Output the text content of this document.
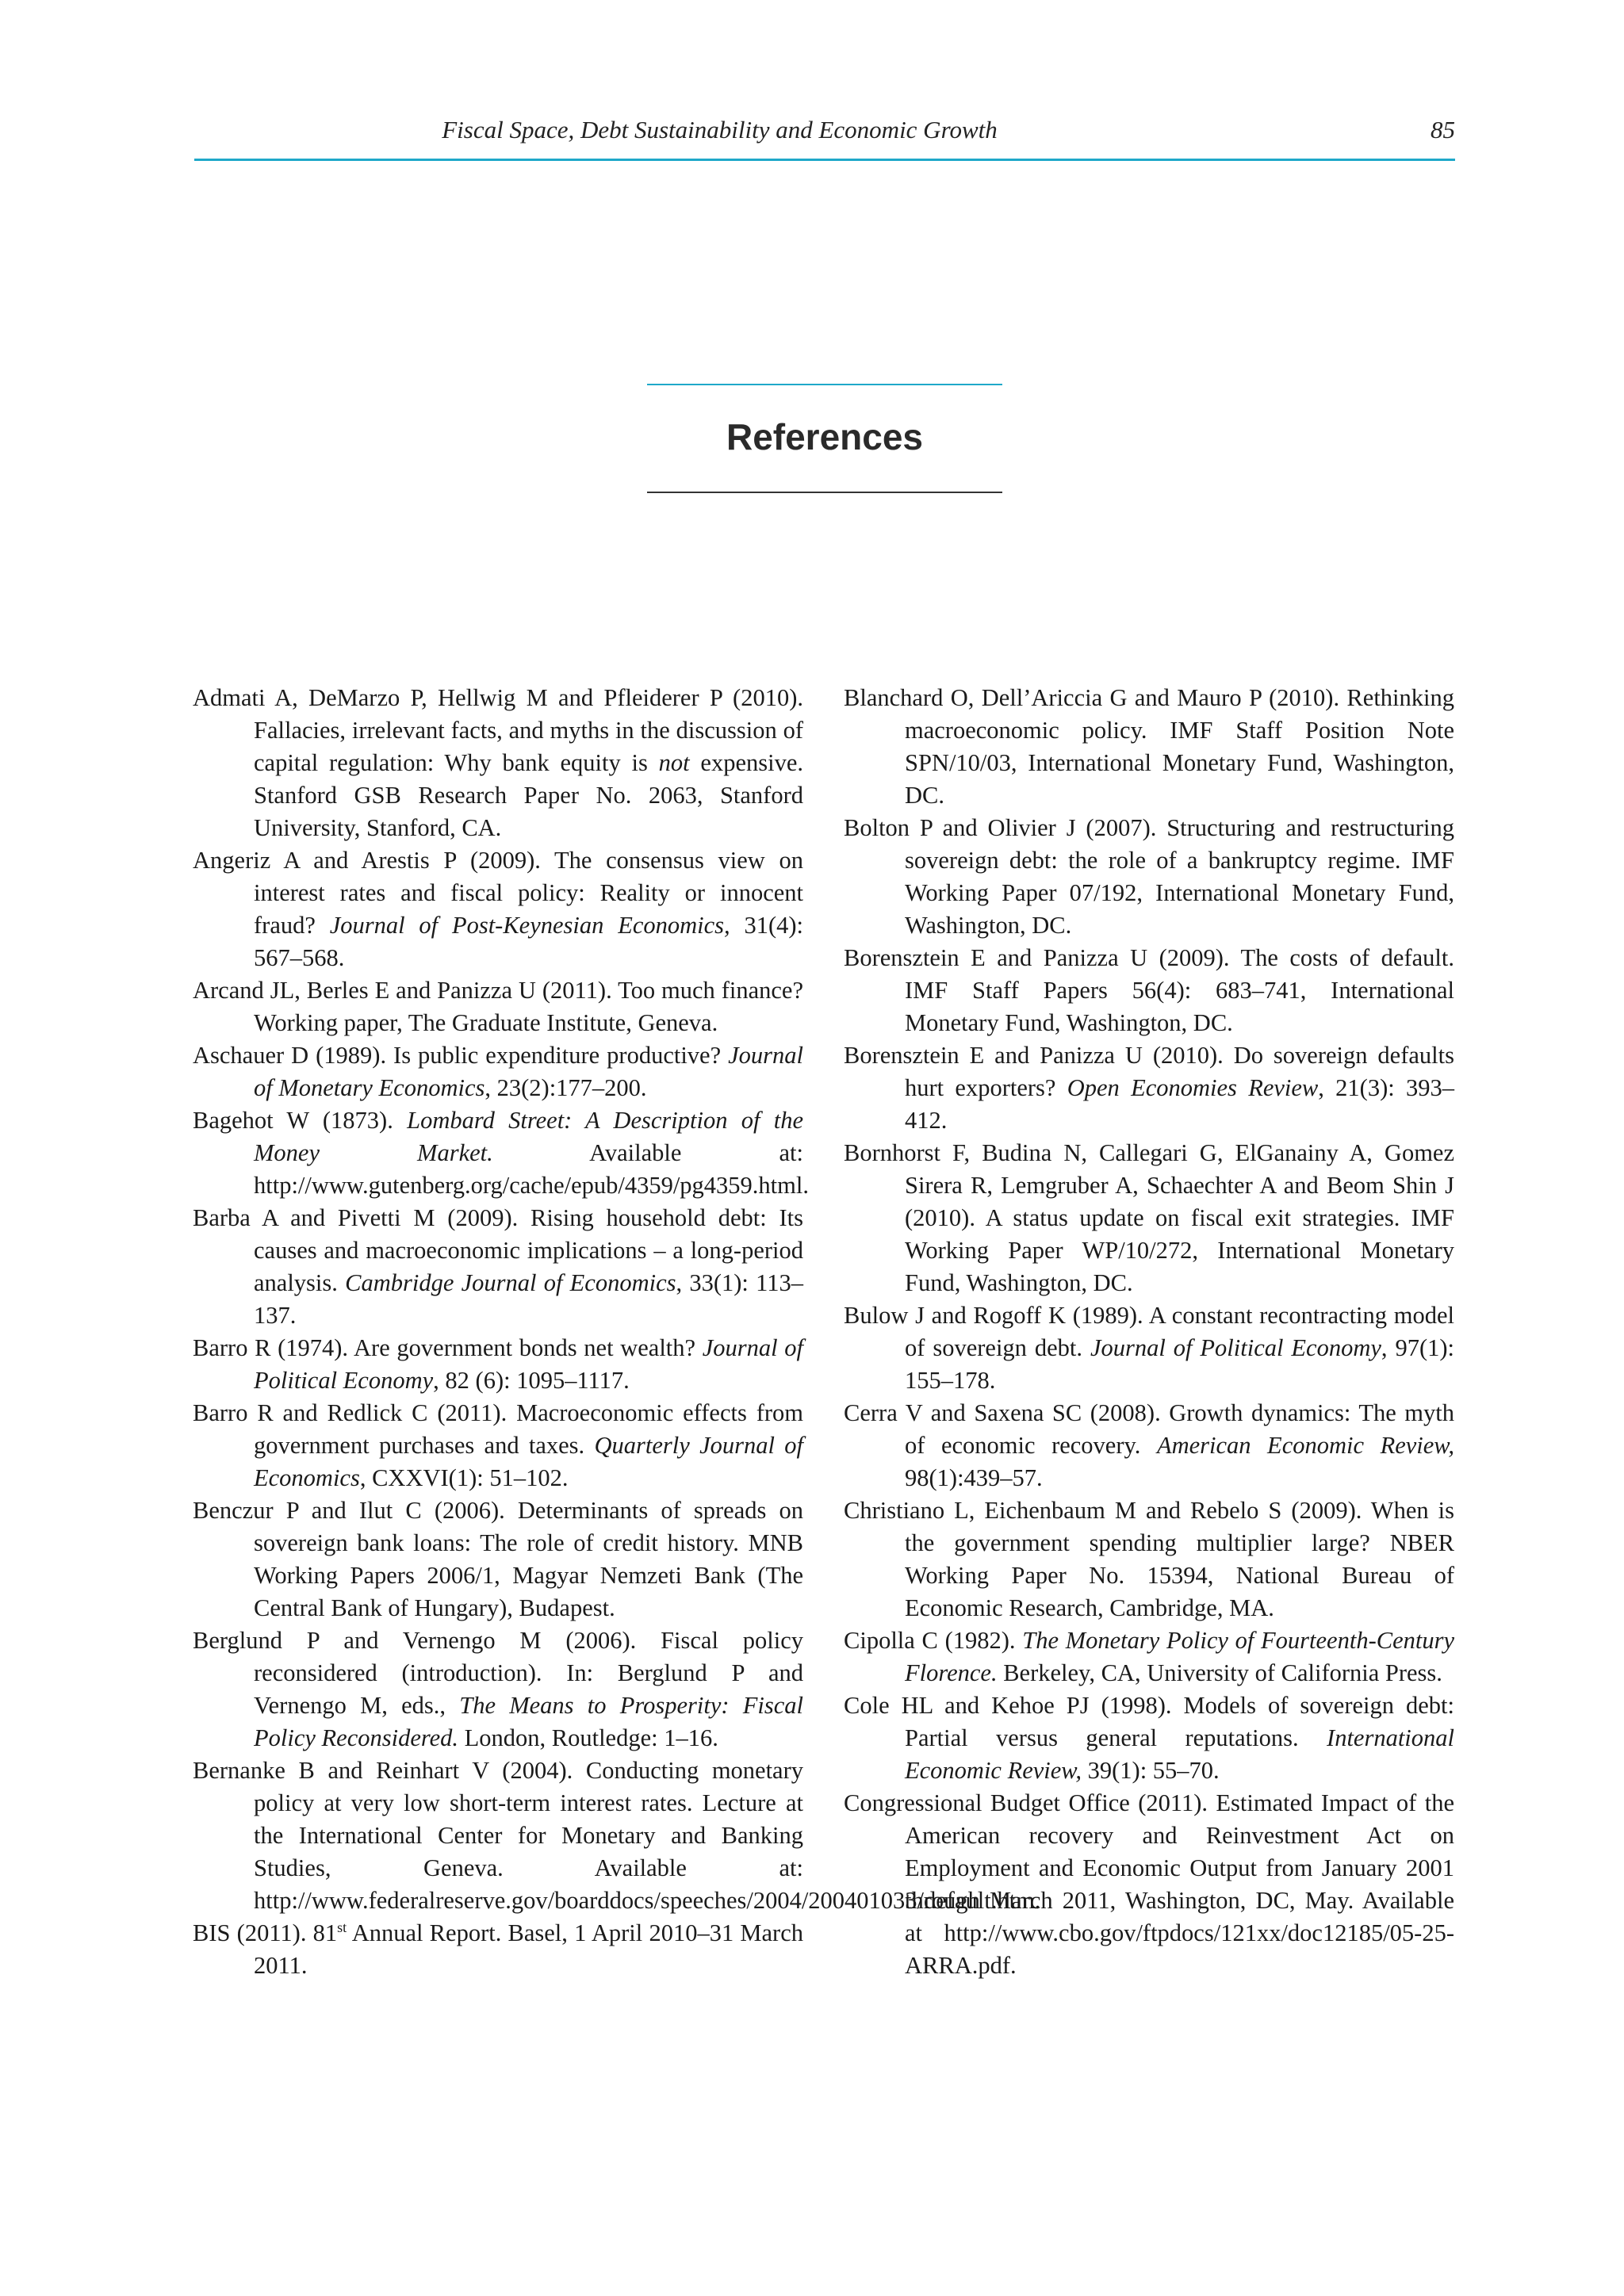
Fiscal Space, Debt Sustainability and Economic Growth	85
References

Admati A, DeMarzo P, Hellwig M and Pfleiderer P (2010). Fallacies, irrelevant facts, and myths in the discussion of capital regulation: Why bank equity is not expensive. Stanford GSB Research Paper No. 2063, Stanford University, Stanford, CA.

Angeriz A and Arestis P (2009). The consensus view on interest rates and fiscal policy: Reality or innocent fraud? Journal of Post-Keynesian Economics, 31(4): 567–568.

Arcand JL, Berles E and Panizza U (2011). Too much finance? Working paper, The Graduate Institute, Geneva.

Aschauer D (1989). Is public expenditure productive? Journal of Monetary Economics, 23(2):177–200.

Bagehot W (1873). Lombard Street: A Description of the Money Market. Available at: http://www.gutenberg.org/cache/epub/4359/pg4359.html.

Barba A and Pivetti M (2009). Rising household debt: Its causes and macroeconomic implications – a long-period analysis. Cambridge Journal of Economics, 33(1): 113–137.

Barro R (1974). Are government bonds net wealth? Journal of Political Economy, 82 (6): 1095–1117.

Barro R and Redlick C (2011). Macroeconomic effects from government purchases and taxes. Quarterly Journal of Economics, CXXVI(1): 51–102.

Benczur P and Ilut C (2006). Determinants of spreads on sovereign bank loans: The role of credit history. MNB Working Papers 2006/1, Magyar Nemzeti Bank (The Central Bank of Hungary), Budapest.

Berglund P and Vernengo M (2006). Fiscal policy reconsidered (introduction). In: Berglund P and Vernengo M, eds., The Means to Prosperity: Fiscal Policy Reconsidered. London, Routledge: 1–16.

Bernanke B and Reinhart V (2004). Conducting monetary policy at very low short-term interest rates. Lecture at the International Center for Monetary and Banking Studies, Geneva. Available at: http://www.federalreserve.gov/boarddocs/speeches/2004/200401033/default.htm.

BIS (2011). 81st Annual Report. Basel, 1 April 2010–31 March 2011.

Blanchard O, Dell’Ariccia G and Mauro P (2010). Rethinking macroeconomic policy. IMF Staff Position Note SPN/10/03, International Monetary Fund, Washington, DC.

Bolton P and Olivier J (2007). Structuring and restructuring sovereign debt: the role of a bankruptcy regime. IMF Working Paper 07/192, International Monetary Fund, Washington, DC.

Borensztein E and Panizza U (2009). The costs of default. IMF Staff Papers 56(4): 683–741, International Monetary Fund, Washington, DC.

Borensztein E and Panizza U (2010). Do sovereign defaults hurt exporters? Open Economies Review, 21(3): 393–412.

Bornhorst F, Budina N, Callegari G, ElGanainy A, Gomez Sirera R, Lemgruber A, Schaechter A and Beom Shin J (2010). A status update on fiscal exit strategies. IMF Working Paper WP/10/272, International Monetary Fund, Washington, DC.

Bulow J and Rogoff K (1989). A constant recontracting model of sovereign debt. Journal of Political Economy, 97(1): 155–178.

Cerra V and Saxena SC (2008). Growth dynamics: The myth of economic recovery. American Economic Review, 98(1):439–57.

Christiano L, Eichenbaum M and Rebelo S (2009). When is the government spending multiplier large? NBER Working Paper No. 15394, National Bureau of Economic Research, Cambridge, MA.

Cipolla C (1982). The Monetary Policy of Fourteenth-Century Florence. Berkeley, CA, University of California Press.

Cole HL and Kehoe PJ (1998). Models of sovereign debt: Partial versus general reputations. International Economic Review, 39(1): 55–70.

Congressional Budget Office (2011). Estimated Impact of the American recovery and Reinvestment Act on Employment and Economic Output from January 2001 through March 2011, Washington, DC, May. Available at http://www.cbo.gov/ftpdocs/121xx/doc12185/05-25-ARRA.pdf.
